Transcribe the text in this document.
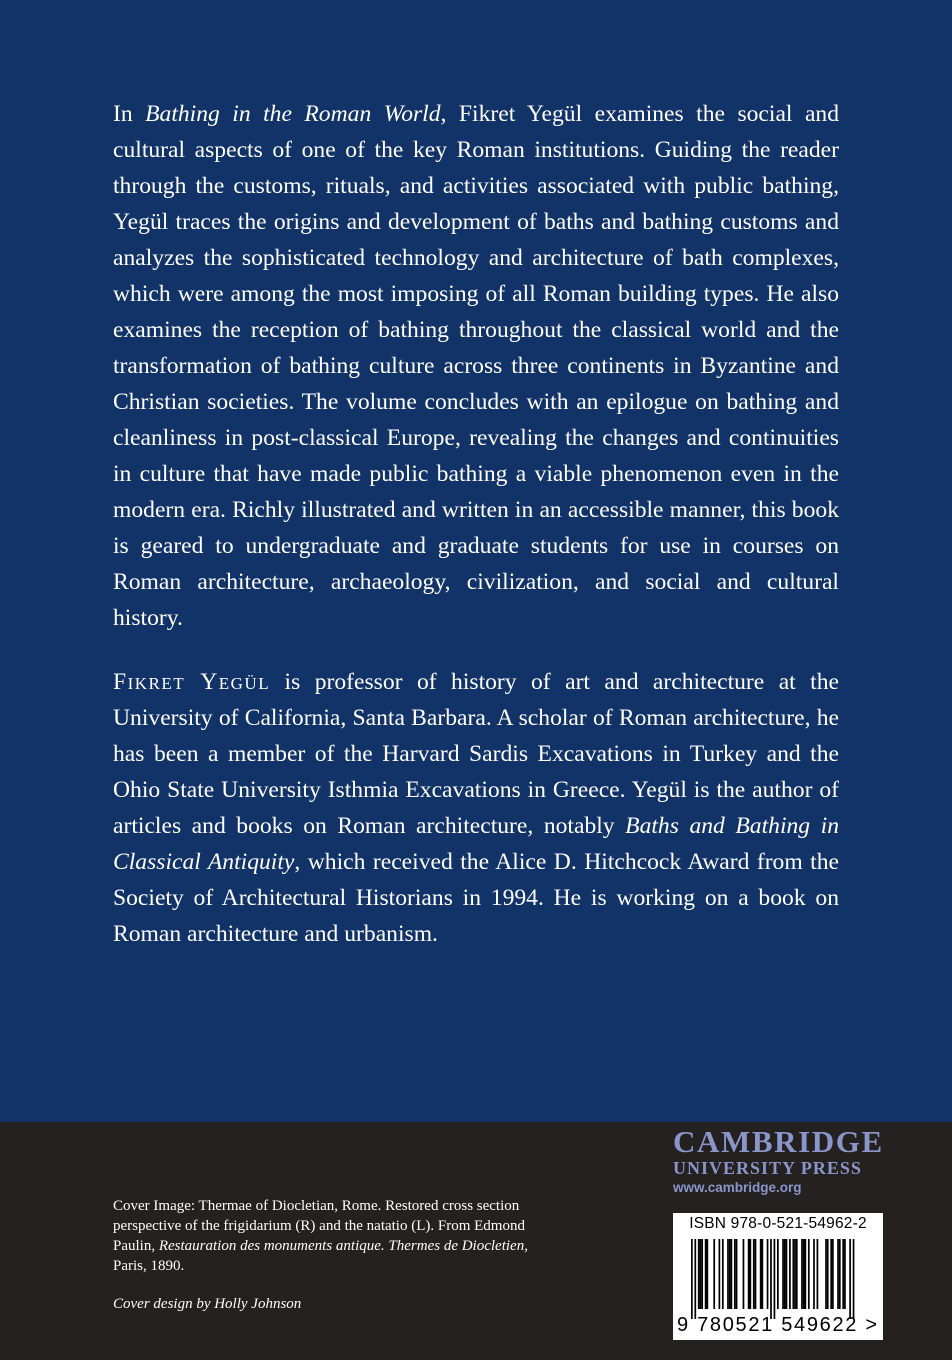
In Bathing in the Roman World, Fikret Yegül examines the social and cultural aspects of one of the key Roman institutions. Guiding the reader through the customs, rituals, and activities associated with public bathing, Yegül traces the origins and development of baths and bathing customs and analyzes the sophisticated technology and architecture of bath complexes, which were among the most imposing of all Roman building types. He also examines the reception of bathing throughout the classical world and the transformation of bathing culture across three continents in Byzantine and Christian societies. The volume concludes with an epilogue on bathing and cleanliness in post-classical Europe, revealing the changes and continuities in culture that have made public bathing a viable phenomenon even in the modern era. Richly illustrated and written in an accessible manner, this book is geared to undergraduate and graduate students for use in courses on Roman architecture, archaeology, civilization, and social and cultural history.

Fikret Yegül is professor of history of art and architecture at the University of California, Santa Barbara. A scholar of Roman architecture, he has been a member of the Harvard Sardis Excavations in Turkey and the Ohio State University Isthmia Excavations in Greece. Yegül is the author of articles and books on Roman architecture, notably Baths and Bathing in Classical Antiquity, which received the Alice D. Hitchcock Award from the Society of Architectural Historians in 1994. He is working on a book on Roman architecture and urbanism.

Cover Image: Thermae of Diocletian, Rome. Restored cross section perspective of the frigidarium (R) and the natatio (L). From Edmond Paulin, Restauration des monuments antique. Thermes de Diocletien, Paris, 1890.

Cover design by Holly Johnson

CAMBRIDGE
UNIVERSITY PRESS
www.cambridge.org
ISBN 978-0-521-54962-2
9 780521 549622 >
